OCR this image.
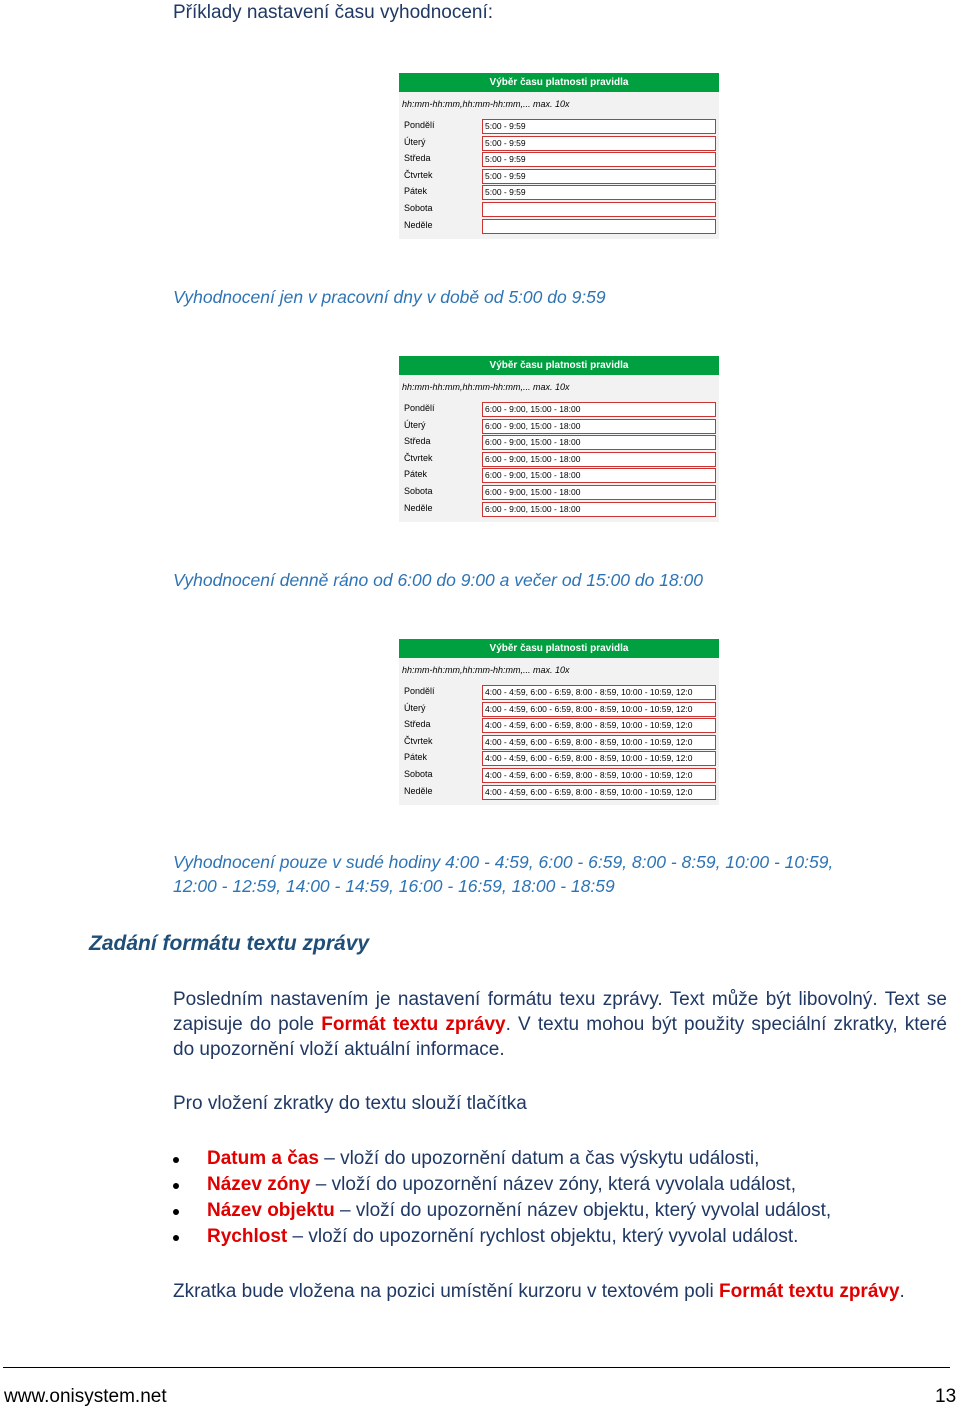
Příklady nastavení času vyhodnocení:
Výběr času platnosti pravidla
hh:mm-hh:mm,hh:mm-hh:mm,... max. 10x
Pondělí	5:00 - 9:59
Úterý	5:00 - 9:59
Středa	5:00 - 9:59
Čtvrtek	5:00 - 9:59
Pátek	5:00 - 9:59
Sobota
Neděle
Vyhodnocení jen v pracovní dny v době od 5:00 do 9:59
Výběr času platnosti pravidla
hh:mm-hh:mm,hh:mm-hh:mm,... max. 10x
Pondělí	6:00 - 9:00, 15:00 - 18:00
Úterý	6:00 - 9:00, 15:00 - 18:00
Středa	6:00 - 9:00, 15:00 - 18:00
Čtvrtek	6:00 - 9:00, 15:00 - 18:00
Pátek	6:00 - 9:00, 15:00 - 18:00
Sobota	6:00 - 9:00, 15:00 - 18:00
Neděle	6:00 - 9:00, 15:00 - 18:00
Vyhodnocení denně ráno od 6:00 do 9:00 a večer od 15:00 do 18:00
Výběr času platnosti pravidla
hh:mm-hh:mm,hh:mm-hh:mm,... max. 10x
Pondělí	4:00 - 4:59, 6:00 - 6:59, 8:00 - 8:59, 10:00 - 10:59, 12:0
Úterý	4:00 - 4:59, 6:00 - 6:59, 8:00 - 8:59, 10:00 - 10:59, 12:0
Středa	4:00 - 4:59, 6:00 - 6:59, 8:00 - 8:59, 10:00 - 10:59, 12:0
Čtvrtek	4:00 - 4:59, 6:00 - 6:59, 8:00 - 8:59, 10:00 - 10:59, 12:0
Pátek	4:00 - 4:59, 6:00 - 6:59, 8:00 - 8:59, 10:00 - 10:59, 12:0
Sobota	4:00 - 4:59, 6:00 - 6:59, 8:00 - 8:59, 10:00 - 10:59, 12:0
Neděle	4:00 - 4:59, 6:00 - 6:59, 8:00 - 8:59, 10:00 - 10:59, 12:0
Vyhodnocení pouze v sudé hodiny 4:00 - 4:59, 6:00 - 6:59, 8:00 - 8:59, 10:00 - 10:59,
12:00 - 12:59, 14:00 - 14:59, 16:00 - 16:59, 18:00 - 18:59
Zadání formátu textu zprávy
Posledním nastavením je nastavení formátu texu zprávy. Text může být libovolný. Text se zapisuje do pole Formát textu zprávy. V textu mohou být použity speciální zkratky, které do upozornění vloží aktuální informace.
Pro vložení zkratky do textu slouží tlačítka
Datum a čas – vloží do upozornění datum a čas výskytu události,
Název zóny – vloží do upozornění název zóny, která vyvolala událost,
Název objektu – vloží do upozornění název objektu, který vyvolal událost,
Rychlost – vloží do upozornění rychlost objektu, který vyvolal událost.
Zkratka bude vložena na pozici umístění kurzoru v textovém poli Formát textu zprávy.
www.onisystem.net	13
